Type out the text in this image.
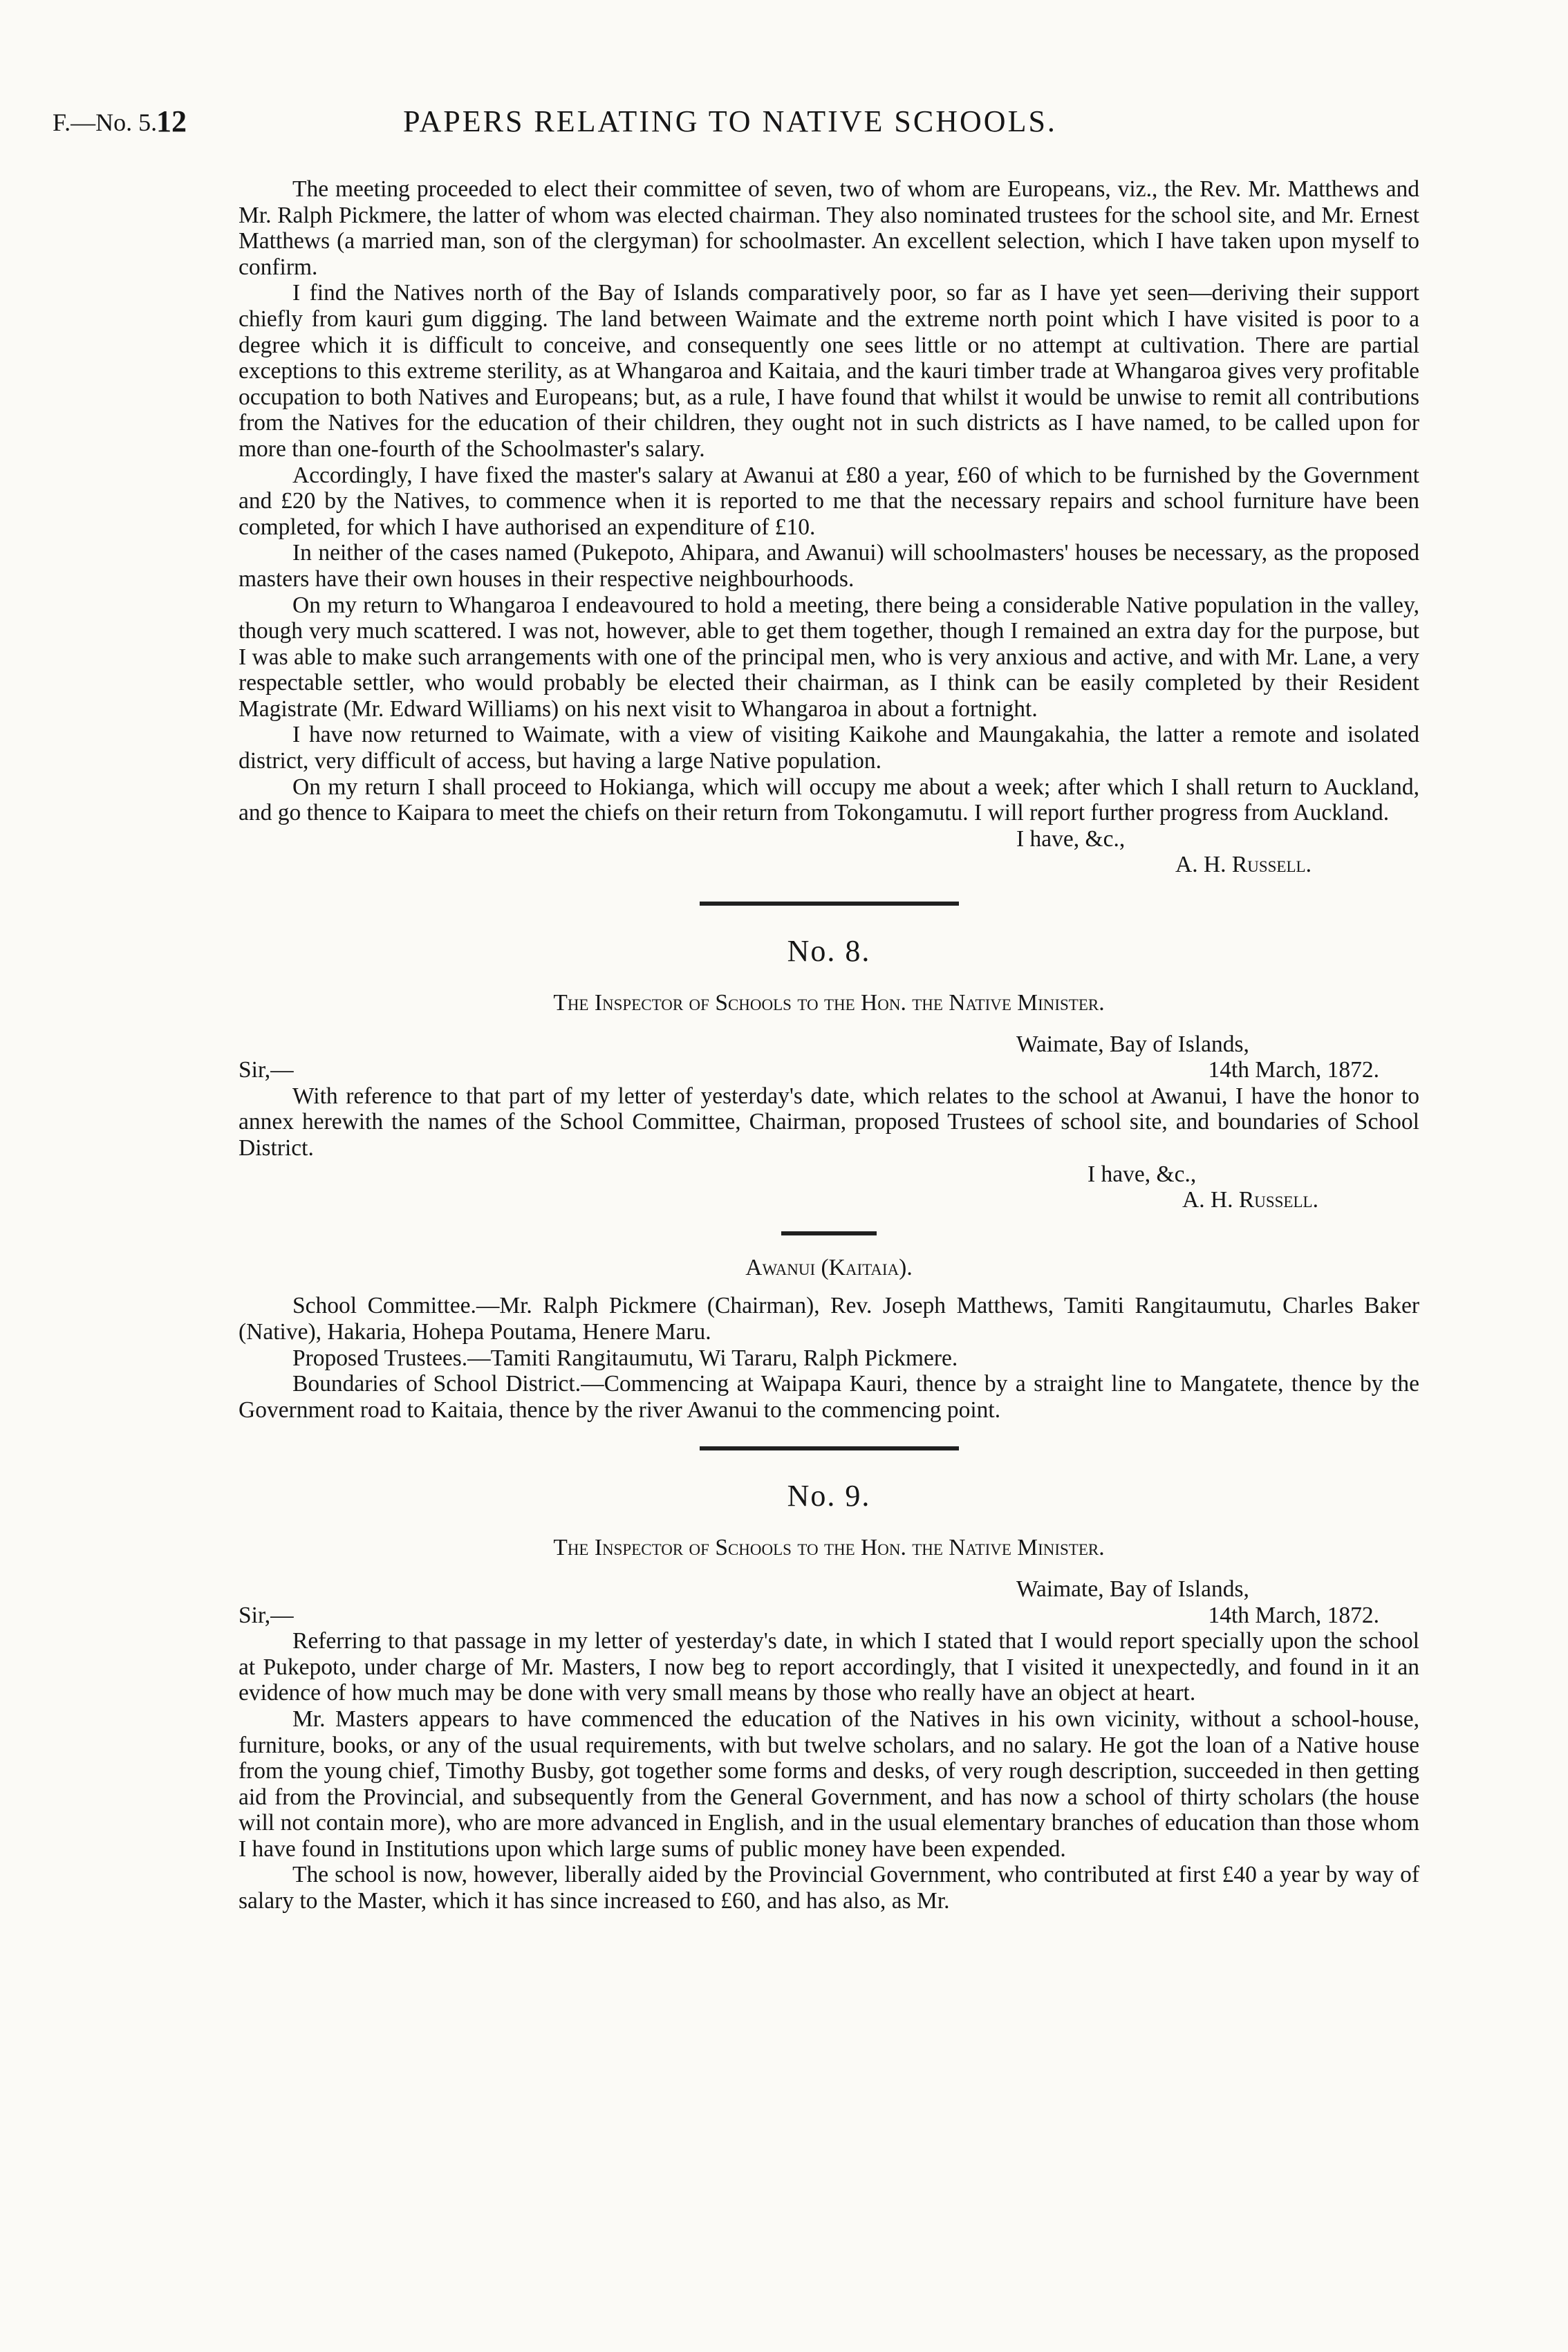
F.—No. 5.
12	PAPERS RELATING TO NATIVE SCHOOLS.

The meeting proceeded to elect their committee of seven, two of whom are Europeans, viz., the Rev. Mr. Matthews and Mr. Ralph Pickmere, the latter of whom was elected chairman. They also nominated trustees for the school site, and Mr. Ernest Matthews (a married man, son of the clergyman) for schoolmaster. An excellent selection, which I have taken upon myself to confirm.

I find the Natives north of the Bay of Islands comparatively poor, so far as I have yet seen—deriving their support chiefly from kauri gum digging. The land between Waimate and the extreme north point which I have visited is poor to a degree which it is difficult to conceive, and consequently one sees little or no attempt at cultivation. There are partial exceptions to this extreme sterility, as at Whangaroa and Kaitaia, and the kauri timber trade at Whangaroa gives very profitable occupation to both Natives and Europeans; but, as a rule, I have found that whilst it would be unwise to remit all contributions from the Natives for the education of their children, they ought not in such districts as I have named, to be called upon for more than one-fourth of the Schoolmaster's salary.

Accordingly, I have fixed the master's salary at Awanui at £80 a year, £60 of which to be furnished by the Government and £20 by the Natives, to commence when it is reported to me that the necessary repairs and school furniture have been completed, for which I have authorised an expenditure of £10.

In neither of the cases named (Pukepoto, Ahipara, and Awanui) will schoolmasters' houses be necessary, as the proposed masters have their own houses in their respective neighbourhoods.

On my return to Whangaroa I endeavoured to hold a meeting, there being a considerable Native population in the valley, though very much scattered. I was not, however, able to get them together, though I remained an extra day for the purpose, but I was able to make such arrangements with one of the principal men, who is very anxious and active, and with Mr. Lane, a very respectable settler, who would probably be elected their chairman, as I think can be easily completed by their Resident Magistrate (Mr. Edward Williams) on his next visit to Whangaroa in about a fortnight.

I have now returned to Waimate, with a view of visiting Kaikohe and Maungakahia, the latter a remote and isolated district, very difficult of access, but having a large Native population.

On my return I shall proceed to Hokianga, which will occupy me about a week; after which I shall return to Auckland, and go thence to Kaipara to meet the chiefs on their return from Tokongamutu. I will report further progress from Auckland.

I have, &c.,
A. H. Russell.
No. 8.
The Inspector of Schools to the Hon. the Native Minister.
Waimate, Bay of Islands,
Sir,—	14th March, 1872.

With reference to that part of my letter of yesterday's date, which relates to the school at Awanui, I have the honor to annex herewith the names of the School Committee, Chairman, proposed Trustees of school site, and boundaries of School District.

I have, &c.,
A. H. Russell.
Awanui (Kaitaia).

School Committee.—Mr. Ralph Pickmere (Chairman), Rev. Joseph Matthews, Tamiti Rangitaumutu, Charles Baker (Native), Hakaria, Hohepa Poutama, Henere Maru.

Proposed Trustees.—Tamiti Rangitaumutu, Wi Tararu, Ralph Pickmere.

Boundaries of School District.—Commencing at Waipapa Kauri, thence by a straight line to Mangatete, thence by the Government road to Kaitaia, thence by the river Awanui to the commencing point.

No. 9.
The Inspector of Schools to the Hon. the Native Minister.
Waimate, Bay of Islands,
Sir,—	14th March, 1872.

Referring to that passage in my letter of yesterday's date, in which I stated that I would report specially upon the school at Pukepoto, under charge of Mr. Masters, I now beg to report accordingly, that I visited it unexpectedly, and found in it an evidence of how much may be done with very small means by those who really have an object at heart.

Mr. Masters appears to have commenced the education of the Natives in his own vicinity, without a school-house, furniture, books, or any of the usual requirements, with but twelve scholars, and no salary. He got the loan of a Native house from the young chief, Timothy Busby, got together some forms and desks, of very rough description, succeeded in then getting aid from the Provincial, and subsequently from the General Government, and has now a school of thirty scholars (the house will not contain more), who are more advanced in English, and in the usual elementary branches of education than those whom I have found in Institutions upon which large sums of public money have been expended.

The school is now, however, liberally aided by the Provincial Government, who contributed at first £40 a year by way of salary to the Master, which it has since increased to £60, and has also, as Mr.
